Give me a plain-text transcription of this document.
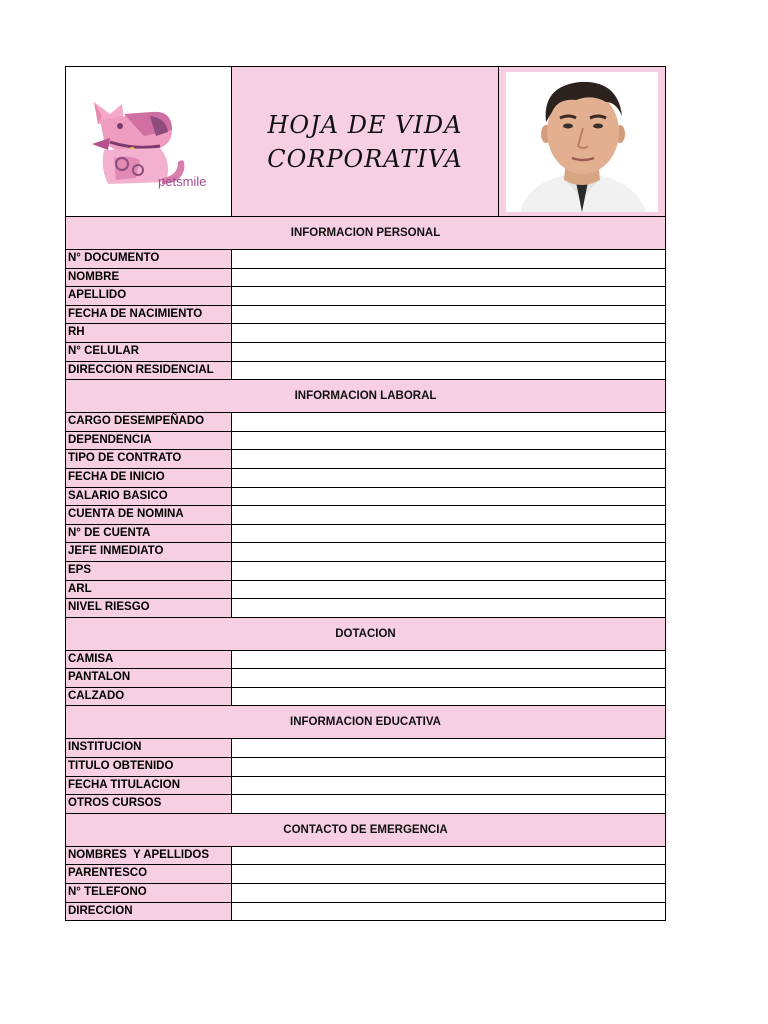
petsmile
HOJA DE VIDA
CORPORATIVA
INFORMACION PERSONAL
N° DOCUMENTO
NOMBRE
APELLIDO
FECHA DE NACIMIENTO
RH
N° CELULAR
DIRECCION RESIDENCIAL
INFORMACION LABORAL
CARGO DESEMPEÑADO
DEPENDENCIA
TIPO DE CONTRATO
FECHA DE INICIO
SALARIO BASICO
CUENTA DE NOMINA
N° DE CUENTA
JEFE INMEDIATO
EPS
ARL
NIVEL RIESGO
DOTACION
CAMISA
PANTALON
CALZADO
INFORMACION EDUCATIVA
INSTITUCION
TITULO OBTENIDO
FECHA TITULACION
OTROS CURSOS
CONTACTO DE EMERGENCIA
NOMBRES  Y APELLIDOS
PARENTESCO
N° TELEFONO
DIRECCION
